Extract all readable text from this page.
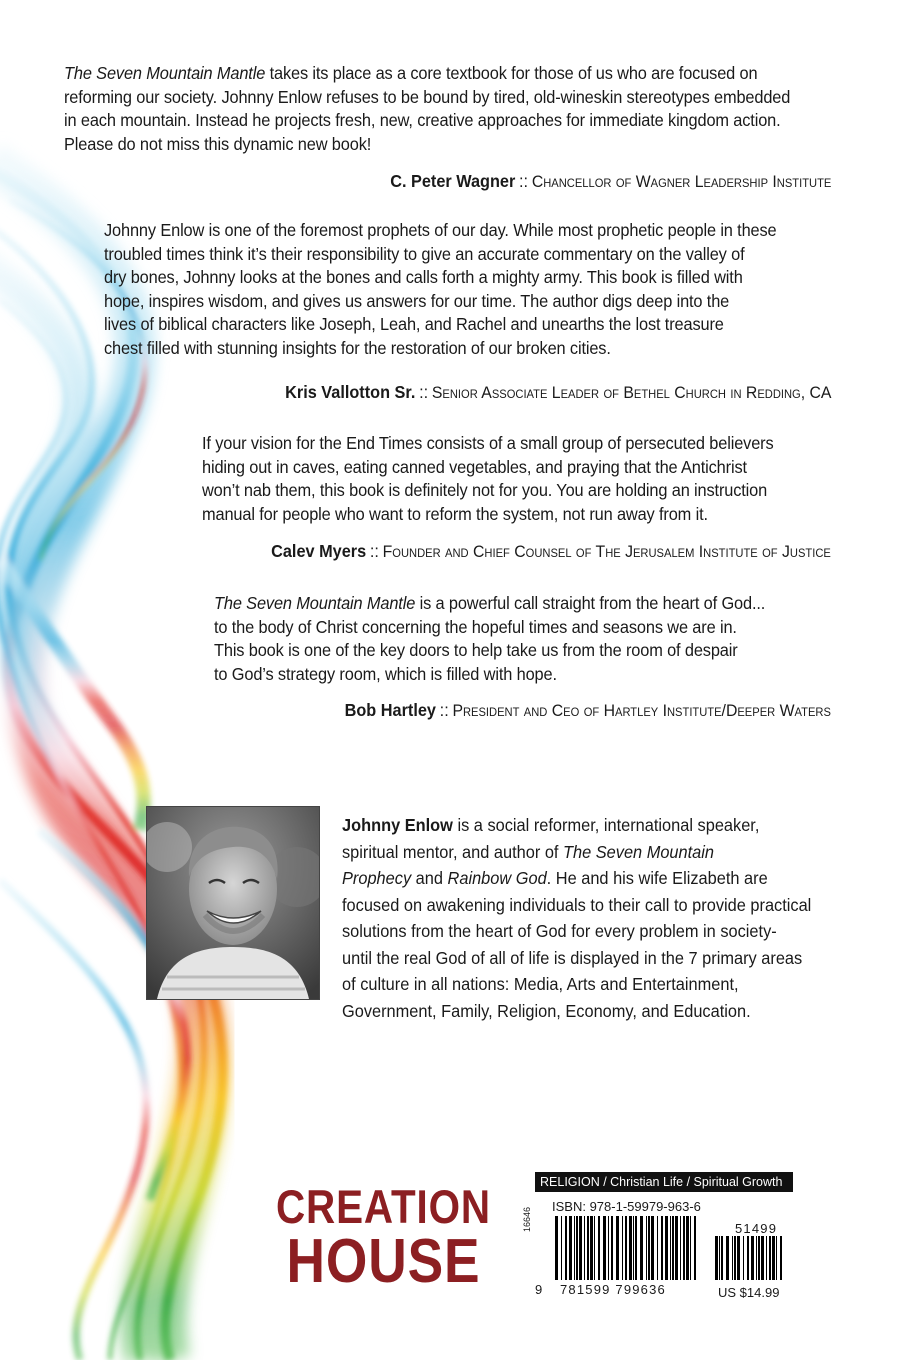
The Seven Mountain Mantle takes its place as a core textbook for those of us who are focused on
reforming our society. Johnny Enlow refuses to be bound by tired, old-wineskin stereotypes embedded
in each mountain. Instead he projects fresh, new, creative approaches for immediate kingdom action.
Please do not miss this dynamic new book!
C. Peter Wagner :: Chancellor of Wagner Leadership Institute
Johnny Enlow is one of the foremost prophets of our day. While most prophetic people in these
troubled times think it’s their responsibility to give an accurate commentary on the valley of
dry bones, Johnny looks at the bones and calls forth a mighty army. This book is filled with
hope, inspires wisdom, and gives us answers for our time. The author digs deep into the
lives of biblical characters like Joseph, Leah, and Rachel and unearths the lost treasure
chest filled with stunning insights for the restoration of our broken cities.
Kris Vallotton Sr. :: Senior Associate Leader of Bethel Church in Redding, CA
If your vision for the End Times consists of a small group of persecuted believers
hiding out in caves, eating canned vegetables, and praying that the Antichrist
won’t nab them, this book is definitely not for you. You are holding an instruction
manual for people who want to reform the system, not run away from it.
Calev Myers :: Founder and Chief Counsel of The Jerusalem Institute of Justice
The Seven Mountain Mantle is a powerful call straight from the heart of God...
to the body of Christ concerning the hopeful times and seasons we are in.
This book is one of the key doors to help take us from the room of despair
to God’s strategy room, which is filled with hope.
Bob Hartley :: President and Ceo of Hartley Institute/Deeper Waters
Johnny Enlow is a social reformer, international speaker,
spiritual mentor, and author of The Seven Mountain
Prophecy and Rainbow God. He and his wife Elizabeth are
focused on awakening individuals to their call to provide practical
solutions from the heart of God for every problem in society-
until the real God of all of life is displayed in the 7 primary areas
of culture in all nations: Media, Arts and Entertainment,
Government, Family, Religion, Economy, and Education.
CREATION
HOUSE
RELIGION / Christian Life / Spiritual Growth
ISBN: 978-1-59979-963-6
16646
9 781599 799636
51499
US $14.99
